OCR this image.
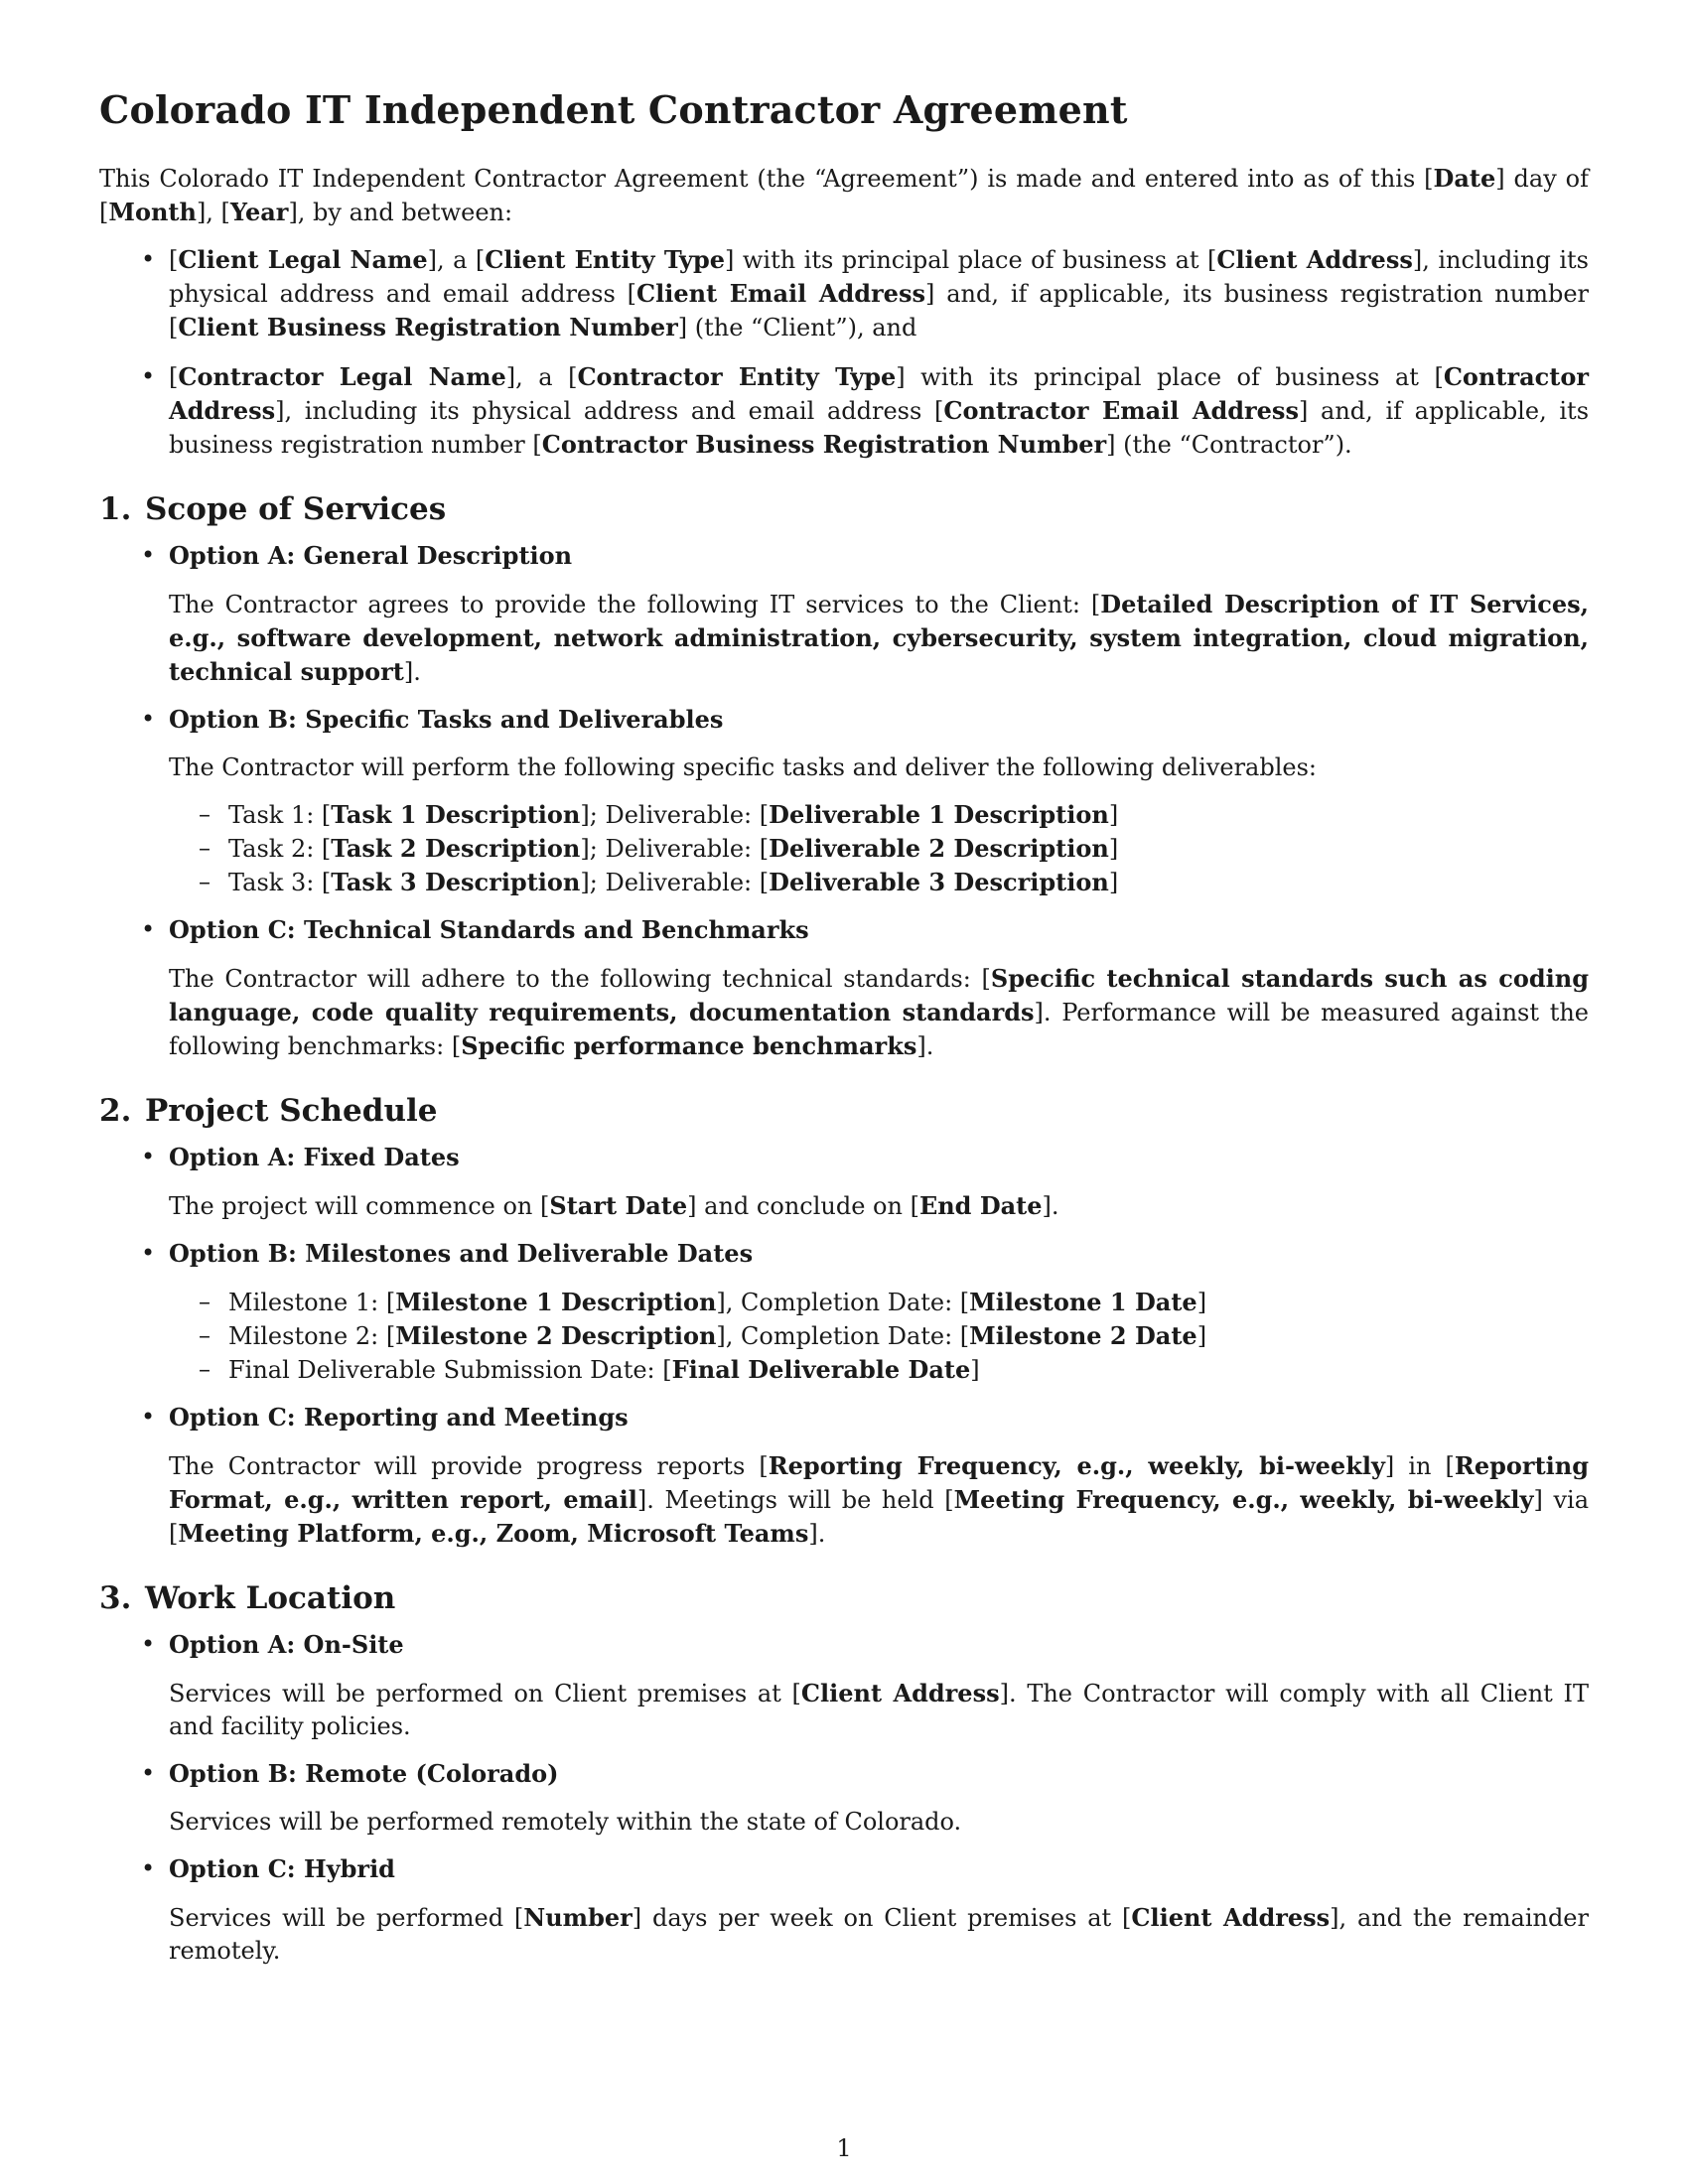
Colorado IT Independent Contractor Agreement

This Colorado IT Independent Contractor Agreement (the “Agreement”) is made and entered into as of this [Date] day of [Month], [Year], by and between:

• [Client Legal Name], a [Client Entity Type] with its principal place of business at [Client Address], including its physical address and email address [Client Email Address] and, if applicable, its business registration number [Client Business Registration Number] (the “Client”), and
• [Contractor Legal Name], a [Contractor Entity Type] with its principal place of business at [Contractor Address], including its physical address and email address [Contractor Email Address] and, if applicable, its business registration number [Contractor Business Registration Number] (the “Contractor”).
1. Scope of Services

• Option A: General Description

The Contractor agrees to provide the following IT services to the Client: [Detailed Description of IT Services, e.g., software development, network administration, cybersecurity, system integration, cloud migration, technical support].

• Option B: Specific Tasks and Deliverables

The Contractor will perform the following specific tasks and deliver the following deliverables:

– Task 1: [Task 1 Description]; Deliverable: [Deliverable 1 Description]
– Task 2: [Task 2 Description]; Deliverable: [Deliverable 2 Description]
– Task 3: [Task 3 Description]; Deliverable: [Deliverable 3 Description]

• Option C: Technical Standards and Benchmarks

The Contractor will adhere to the following technical standards: [Specific technical standards such as coding language, code quality requirements, documentation standards]. Performance will be measured against the following benchmarks: [Specific performance benchmarks].

2. Project Schedule

• Option A: Fixed Dates

The project will commence on [Start Date] and conclude on [End Date].

• Option B: Milestones and Deliverable Dates

– Milestone 1: [Milestone 1 Description], Completion Date: [Milestone 1 Date]
– Milestone 2: [Milestone 2 Description], Completion Date: [Milestone 2 Date]
– Final Deliverable Submission Date: [Final Deliverable Date]

• Option C: Reporting and Meetings

The Contractor will provide progress reports [Reporting Frequency, e.g., weekly, bi-weekly] in [Reporting Format, e.g., written report, email]. Meetings will be held [Meeting Frequency, e.g., weekly, bi-weekly] via [Meeting Platform, e.g., Zoom, Microsoft Teams].

3. Work Location

• Option A: On-Site

Services will be performed on Client premises at [Client Address]. The Contractor will comply with all Client IT and facility policies.

• Option B: Remote (Colorado)

Services will be performed remotely within the state of Colorado.

• Option C: Hybrid

Services will be performed [Number] days per week on Client premises at [Client Address], and the remainder remotely.

1
